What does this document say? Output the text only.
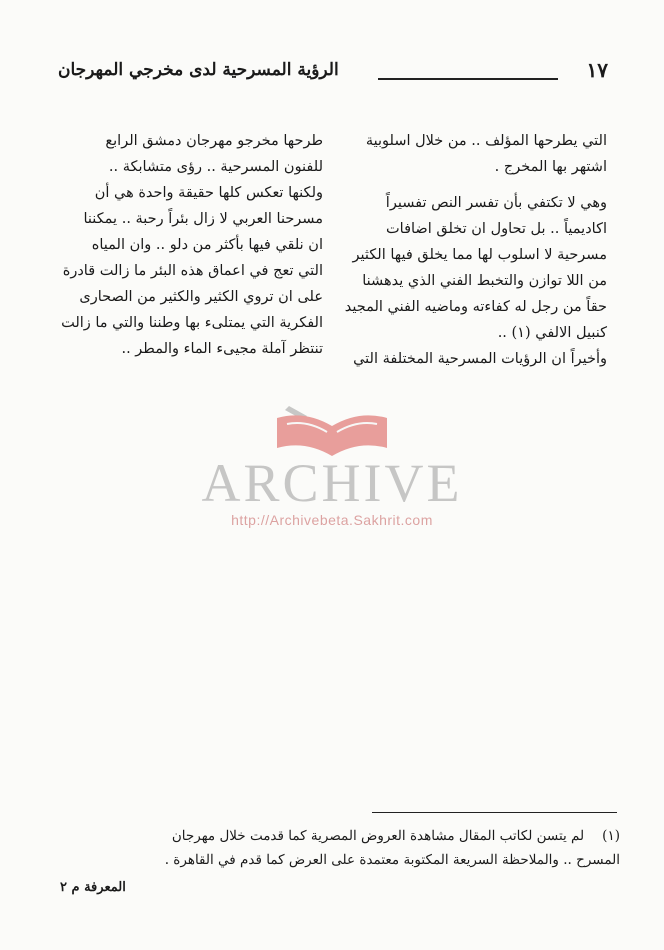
١٧
الرؤية المسرحية لدى مخرجي المهرجان
التي يطرحها المؤلف .. من خلال اسلوبية
اشتهر بها المخرج .
وهي لا تكتفي بأن تفسر النص تفسيراً
اكاديمياً .. بل تحاول ان تخلق اضافات
مسرحية لا اسلوب لها مما يخلق فيها الكثير
من اللا توازن والتخبط الفني الذي يدهشنا
حقاً من رجل له كفاءته وماضيه الفني المجيد
كنبيل الالفي (١) ..
وأخيراً ان الرؤيات المسرحية المختلفة التي
طرحها مخرجو مهرجان دمشق الرابع
للفنون المسرحية .. رؤى متشابكة ..
ولكنها تعكس كلها حقيقة واحدة هي أن
مسرحنا العربي لا زال بئراً رحبة .. يمكننا
ان نلقي فيها بأكثر من دلو .. وان المياه
التي تعج في اعماق هذه البئر ما زالت قادرة
على ان تروي الكثير والكثير من الصحارى
الفكرية التي يمتلىء بها وطننا والتي ما زالت
تنتظر آملة مجيىء الماء والمطر ..
ARCHIVE
http://Archivebeta.Sakhrit.com
(١)لم يتسن لكاتب المقال مشاهدة العروض المصرية كما قدمت خلال مهرجان
المسرح .. والملاحظة السريعة المكتوبة معتمدة على العرض كما قدم في القاهرة .
المعرفة م ٢
